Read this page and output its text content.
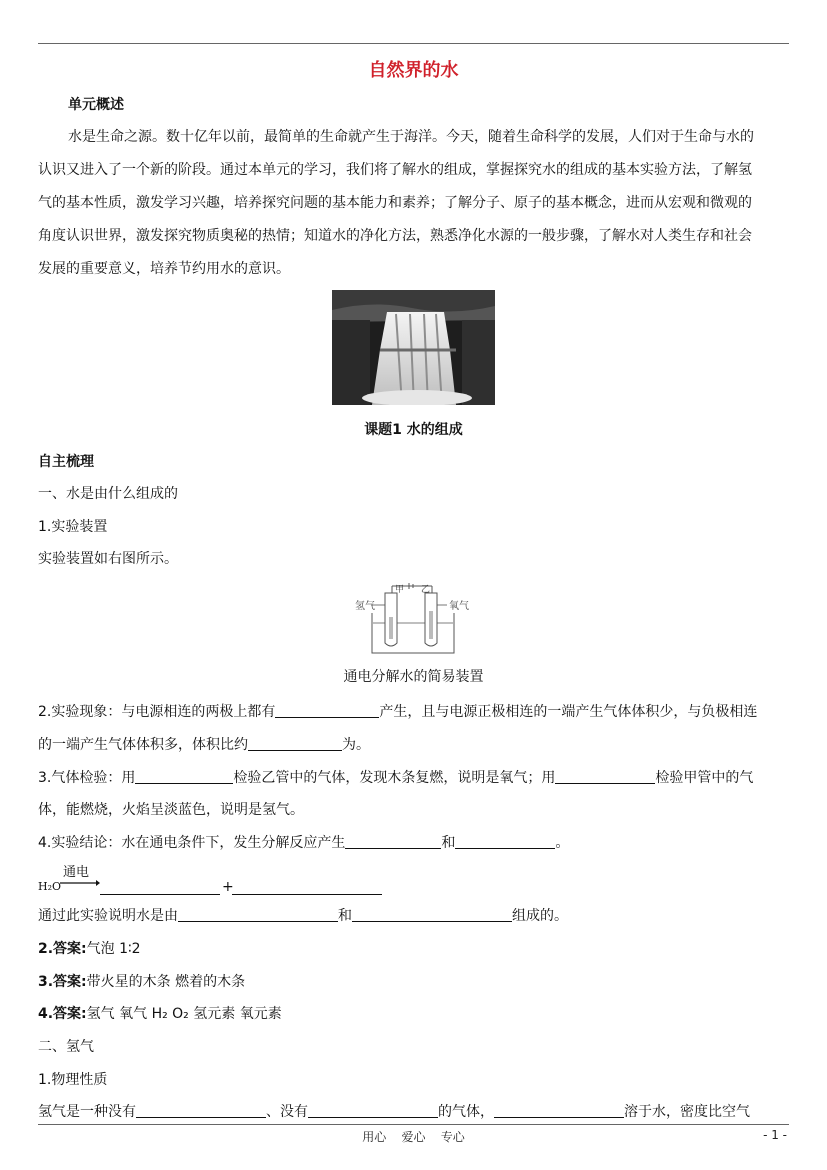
自然界的水
单元概述
水是生命之源。数十亿年以前，最简单的生命就产生于海洋。今天，随着生命科学的发展，人们对于生命与水的
认识又进入了一个新的阶段。通过本单元的学习，我们将了解水的组成，掌握探究水的组成的基本实验方法，了解氢
气的基本性质，激发学习兴趣，培养探究问题的基本能力和素养；了解分子、原子的基本概念，进而从宏观和微观的
角度认识世界，激发探究物质奥秘的热情；知道水的净化方法，熟悉净化水源的一般步骤，了解水对人类生存和社会
发展的重要意义，培养节约用水的意识。
课题1 水的组成
自主梳理
一、水是由什么组成的
1.实验装置
实验装置如右图所示。
氢气	氧气
甲 乙
通电分解水的简易装置
2.实验现象：与电源相连的两极上都有	产生，且与电源正极相连的一端产生气体体积少，与负极相连
的一端产生气体体积多，体积比约	为。
3.气体检验：用	检验乙管中的气体，发现木条复燃，说明是氧气；用	检验甲管中的气
体，能燃烧，火焰呈淡蓝色，说明是氢气。
4.实验结论：水在通电条件下，发生分解反应产生	和	。
H₂O
通电
+
通过此实验说明水是由	和	组成的。
2.答案:气泡 1∶2
3.答案:带火星的木条 燃着的木条
4.答案:氢气 氧气 H₂ O₂ 氢元素 氧元素
二、氢气
1.物理性质
氢气是一种没有	、没有	的气体，	溶于水，密度比空气
用心    爱心    专心	- 1 -
